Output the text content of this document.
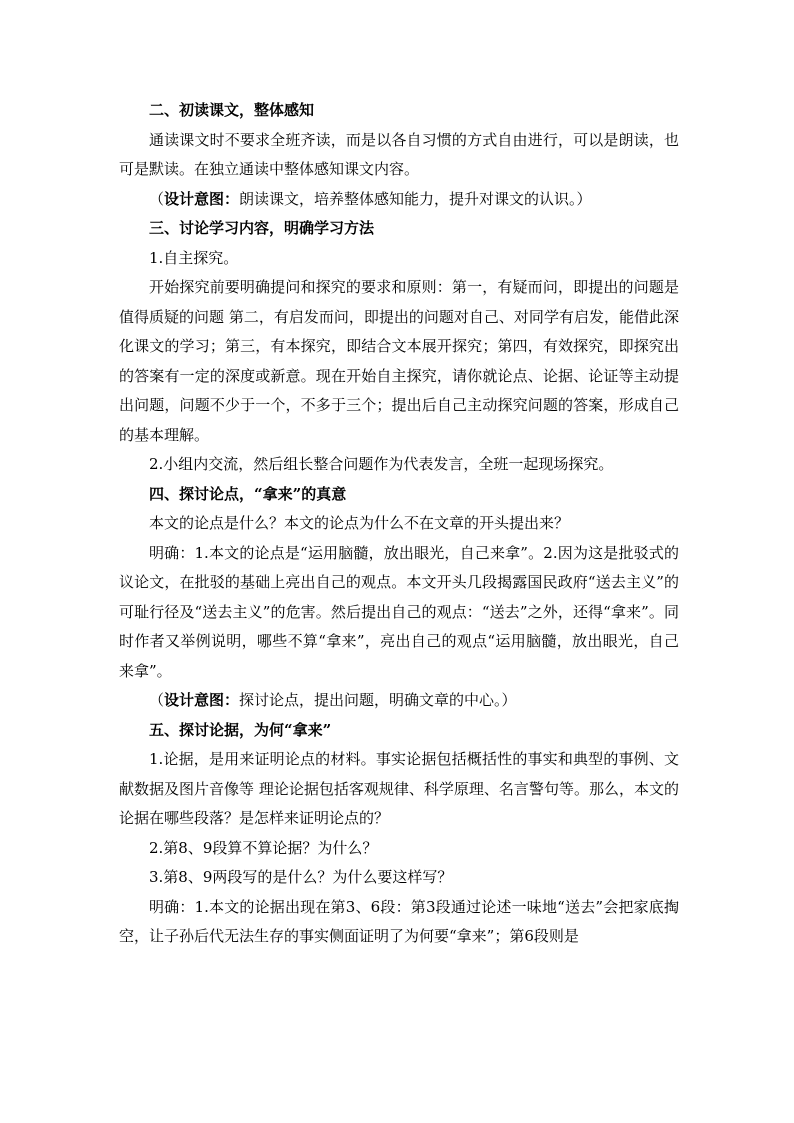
二、初读课文，整体感知

通读课文时不要求全班齐读，而是以各自习惯的方式自由进行，可以是朗读，也可是默读。在独立通读中整体感知课文内容。

（设计意图：朗读课文，培养整体感知能力，提升对课文的认识。）

三、讨论学习内容，明确学习方法

1.自主探究。

开始探究前要明确提问和探究的要求和原则：第一，有疑而问，即提出的问题是值得质疑的问题 第二，有启发而问，即提出的问题对自己、对同学有启发，能借此深化课文的学习；第三，有本探究，即结合文本展开探究；第四，有效探究，即探究出的答案有一定的深度或新意。现在开始自主探究，请你就论点、论据、论证等主动提出问题，问题不少于一个，不多于三个；提出后自己主动探究问题的答案，形成自己的基本理解。

2.小组内交流，然后组长整合问题作为代表发言，全班一起现场探究。

四、探讨论点，“拿来”的真意

本文的论点是什么？本文的论点为什么不在文章的开头提出来？

明确：1.本文的论点是“运用脑髓，放出眼光，自己来拿”。2.因为这是批驳式的议论文，在批驳的基础上亮出自己的观点。本文开头几段揭露国民政府“送去主义”的可耻行径及“送去主义”的危害。然后提出自己的观点：“送去”之外，还得“拿来”。同时作者又举例说明，哪些不算“拿来”，亮出自己的观点“运用脑髓，放出眼光，自己来拿”。

（设计意图：探讨论点，提出问题，明确文章的中心。）

五、探讨论据，为何“拿来”

1.论据，是用来证明论点的材料。事实论据包括概括性的事实和典型的事例、文献数据及图片音像等 理论论据包括客观规律、科学原理、名言警句等。那么，本文的论据在哪些段落？是怎样来证明论点的？

2.第8、9段算不算论据？为什么？

3.第8、9两段写的是什么？为什么要这样写？

明确：1.本文的论据出现在第3、6段：第3段通过论述一味地“送去”会把家底掏空，让子孙后代无法生存的事实侧面证明了为何要“拿来”；第6段则是
